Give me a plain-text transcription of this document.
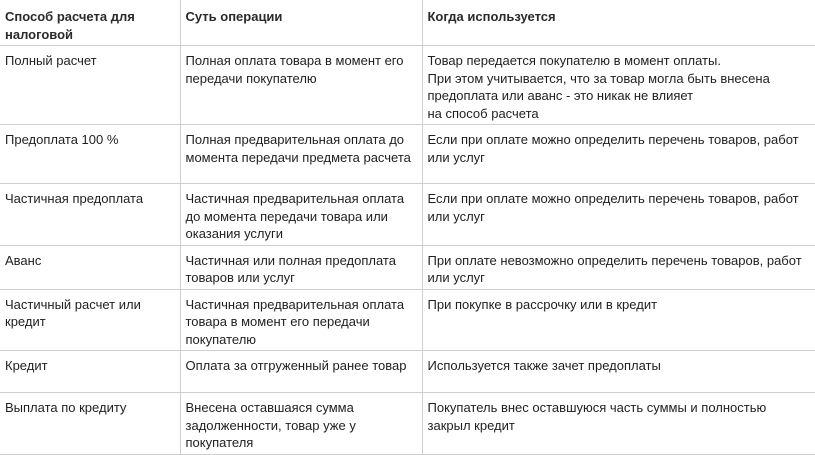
Способ расчета для налоговой	Суть операции	Когда используется
Полный расчет	Полная оплата товара в момент его передачи покупателю	Товар передается покупателю в момент оплаты.
При этом учитывается, что за товар могла быть внесена предоплата или аванс - это никак не влияет
на способ расчета

Предоплата 100 %	Полная предварительная оплата до момента передачи предмета расчета	Если при оплате можно определить перечень товаров, работ или услуг
Частичная предоплата	Частичная предварительная оплата до момента передачи товара или оказания услуги	Если при оплате можно определить перечень товаров, работ или услуг
Аванс	Частичная или полная предоплата товаров или услуг	При оплате невозможно определить перечень товаров, работ или услуг
Частичный расчет или кредит	Частичная предварительная оплата товара в момент его передачи покупателю	При покупке в рассрочку или в кредит
Кредит	Оплата за отгруженный ранее товар	Используется также зачет предоплаты
Выплата по кредиту	Внесена оставшаяся сумма задолженности, товар уже у покупателя	Покупатель внес оставшуюся часть суммы и полностью закрыл кредит
